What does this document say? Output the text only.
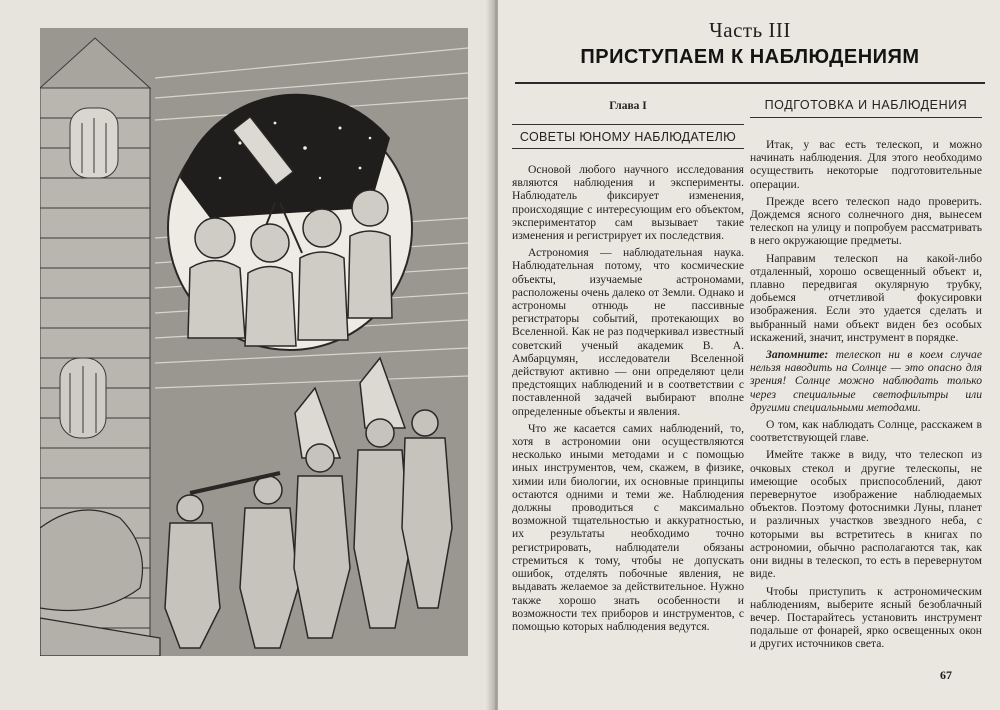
Часть III
ПРИСТУПАЕМ К НАБЛЮДЕНИЯМ
Глава I
СОВЕТЫ ЮНОМУ НАБЛЮДАТЕЛЮ

Основой любого научного исследования являются наблюдения и эксперименты. Наблюдатель фиксирует изменения, происходящие с интересующим его объектом, экспериментатор сам вызывает такие изменения и регистрирует их последствия.

Астрономия — наблюдательная наука. Наблюдательная потому, что космические объекты, изучаемые астрономами, расположены очень далеко от Земли. Однако и астрономы отнюдь не пассивные регистраторы событий, протекающих во Вселенной. Как не раз подчеркивал известный советский ученый академик В. А. Амбарцумян, исследователи Вселенной действуют активно — они определяют цели предстоящих наблюдений и в соответствии с поставленной задачей выбирают вполне определенные объекты и явления.

Что же касается самих наблюдений, то, хотя в астрономии они осуществляются несколько иными методами и с помощью иных инструментов, чем, скажем, в физике, химии или биологии, их основные принципы остаются одними и теми же. Наблюдения должны проводиться с максимально возможной тщательностью и аккуратностью, их результаты необходимо точно регистрировать, наблюдатели обязаны стремиться к тому, чтобы не допускать ошибок, отделять побочные явления, не выдавать желаемое за действительное. Нужно также хорошо знать особенности и возможности тех приборов и инструментов, с помощью которых наблюдения ведутся.

ПОДГОТОВКА И НАБЛЮДЕНИЯ

Итак, у вас есть телескоп, и можно начинать наблюдения. Для этого необходимо осуществить некоторые подготовительные операции.

Прежде всего телескоп надо проверить. Дождемся ясного солнечного дня, вынесем телескоп на улицу и попробуем рассматривать в него окружающие предметы.

Направим телескоп на какой-либо отдаленный, хорошо освещенный объект и, плавно передвигая окулярную трубку, добьемся отчетливой фокусировки изображения. Если это удается сделать и выбранный нами объект виден без особых искажений, значит, инструмент в порядке.

Запомните: телескоп ни в коем случае нельзя наводить на Солнце — это опасно для зрения! Солнце можно наблюдать только через специальные светофильтры или другими специальными методами.

О том, как наблюдать Солнце, расскажем в соответствующей главе.

Имейте также в виду, что телескоп из очковых стекол и другие телескопы, не имеющие особых приспособлений, дают перевернутое изображение наблюдаемых объектов. Поэтому фотоснимки Луны, планет и различных участков звездного неба, с которыми вы встретитесь в книгах по астрономии, обычно располагаются так, как они видны в телескоп, то есть в перевернутом виде.

Чтобы приступить к астрономическим наблюдениям, выберите ясный безоблачный вечер. Постарайтесь установить инструмент подальше от фонарей, ярко освещенных окон и других источников света.

67
